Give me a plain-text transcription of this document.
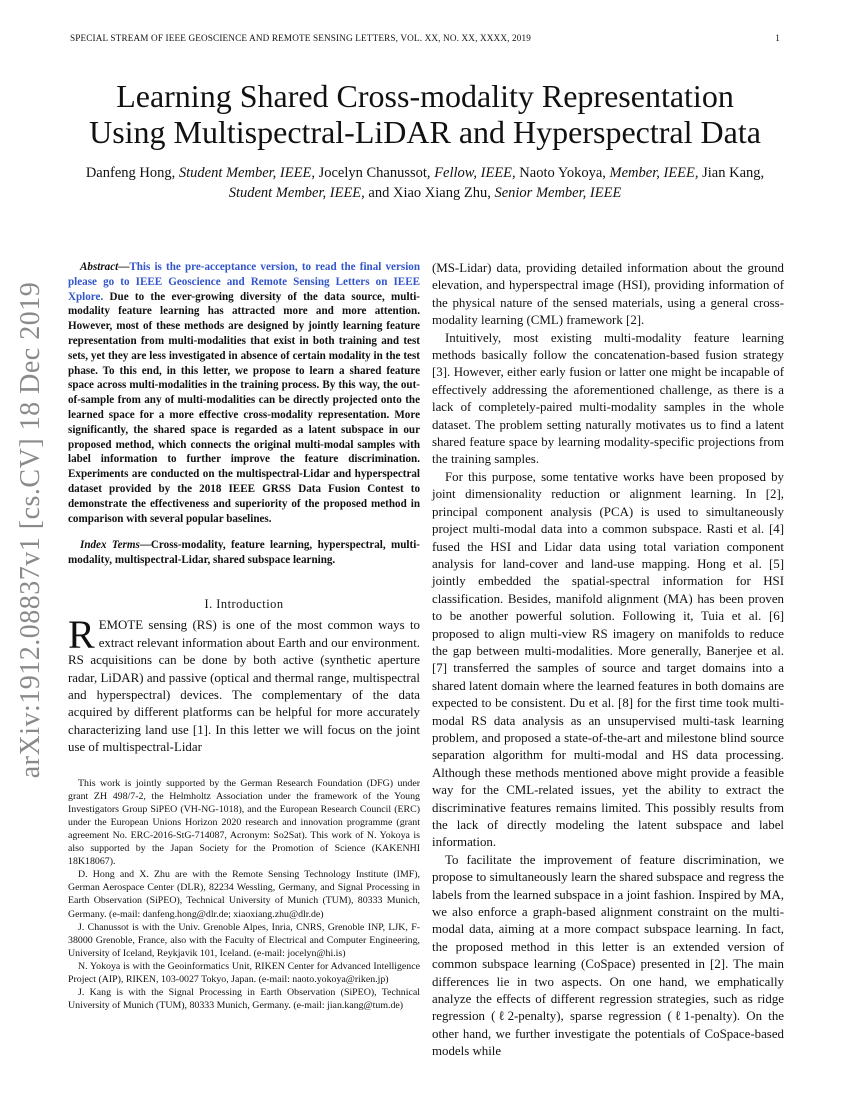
SPECIAL STREAM OF IEEE GEOSCIENCE AND REMOTE SENSING LETTERS, VOL. XX, NO. XX, XXXX, 2019	1
arXiv:1912.08837v1 [cs.CV] 18 Dec 2019
Learning Shared Cross-modality Representation
Using Multispectral-LiDAR and Hyperspectral Data
Danfeng Hong, Student Member, IEEE, Jocelyn Chanussot, Fellow, IEEE, Naoto Yokoya, Member, IEEE, Jian Kang, Student Member, IEEE, and Xiao Xiang Zhu, Senior Member, IEEE

Abstract—This is the pre-acceptance version, to read the final version please go to IEEE Geoscience and Remote Sensing Letters on IEEE Xplore. Due to the ever-growing diversity of the data source, multi-modality feature learning has attracted more and more attention. However, most of these methods are designed by jointly learning feature representation from multi-modalities that exist in both training and test sets, yet they are less investigated in absence of certain modality in the test phase. To this end, in this letter, we propose to learn a shared feature space across multi-modalities in the training process. By this way, the out-of-sample from any of multi-modalities can be directly projected onto the learned space for a more effective cross-modality representation. More significantly, the shared space is regarded as a latent subspace in our proposed method, which connects the original multi-modal samples with label information to further improve the feature discrimination. Experiments are conducted on the multispectral-Lidar and hyperspectral dataset provided by the 2018 IEEE GRSS Data Fusion Contest to demonstrate the effectiveness and superiority of the proposed method in comparison with several popular baselines.

Index Terms—Cross-modality, feature learning, hyperspectral, multi-modality, multispectral-Lidar, shared subspace learning.

I. Introduction

REMOTE sensing (RS) is one of the most common ways to extract relevant information about Earth and our environment. RS acquisitions can be done by both active (synthetic aperture radar, LiDAR) and passive (optical and thermal range, multispectral and hyperspectral) devices. The complementary of the data acquired by different platforms can be helpful for more accurately characterizing land use [1]. In this letter we will focus on the joint use of multispectral-Lidar

This work is jointly supported by the German Research Foundation (DFG) under grant ZH 498/7-2, the Helmholtz Association under the framework of the Young Investigators Group SiPEO (VH-NG-1018), and the European Research Council (ERC) under the European Unions Horizon 2020 research and innovation programme (grant agreement No. ERC-2016-StG-714087, Acronym: So2Sat). This work of N. Yokoya is also supported by the Japan Society for the Promotion of Science (KAKENHI 18K18067).

D. Hong and X. Zhu are with the Remote Sensing Technology Institute (IMF), German Aerospace Center (DLR), 82234 Wessling, Germany, and Signal Processing in Earth Observation (SiPEO), Technical University of Munich (TUM), 80333 Munich, Germany. (e-mail: danfeng.hong@dlr.de; xiaoxiang.zhu@dlr.de)

J. Chanussot is with the Univ. Grenoble Alpes, Inria, CNRS, Grenoble INP, LJK, F-38000 Grenoble, France, also with the Faculty of Electrical and Computer Engineering, University of Iceland, Reykjavik 101, Iceland. (e-mail: jocelyn@hi.is)

N. Yokoya is with the Geoinformatics Unit, RIKEN Center for Advanced Intelligence Project (AIP), RIKEN, 103-0027 Tokyo, Japan. (e-mail: naoto.yokoya@riken.jp)

J. Kang is with the Signal Processing in Earth Observation (SiPEO), Technical University of Munich (TUM), 80333 Munich, Germany. (e-mail: jian.kang@tum.de)

(MS-Lidar) data, providing detailed information about the ground elevation, and hyperspectral image (HSI), providing information of the physical nature of the sensed materials, using a general cross-modality learning (CML) framework [2].

Intuitively, most existing multi-modality feature learning methods basically follow the concatenation-based fusion strategy [3]. However, either early fusion or latter one might be incapable of effectively addressing the aforementioned challenge, as there is a lack of completely-paired multi-modality samples in the whole dataset. The problem setting naturally motivates us to find a latent shared feature space by learning modality-specific projections from the training samples.

For this purpose, some tentative works have been proposed by joint dimensionality reduction or alignment learning. In [2], principal component analysis (PCA) is used to simultaneously project multi-modal data into a common subspace. Rasti et al. [4] fused the HSI and Lidar data using total variation component analysis for land-cover and land-use mapping. Hong et al. [5] jointly embedded the spatial-spectral information for HSI classification. Besides, manifold alignment (MA) has been proven to be another powerful solution. Following it, Tuia et al. [6] proposed to align multi-view RS imagery on manifolds to reduce the gap between multi-modalities. More generally, Banerjee et al. [7] transferred the samples of source and target domains into a shared latent domain where the learned features in both domains are expected to be consistent. Du et al. [8] for the first time took multi-modal RS data analysis as an unsupervised multi-task learning problem, and proposed a state-of-the-art and milestone blind source separation algorithm for multi-modal and HS data processing. Although these methods mentioned above might provide a feasible way for the CML-related issues, yet the ability to extract the discriminative features remains limited. This possibly results from the lack of directly modeling the latent subspace and label information.

To facilitate the improvement of feature discrimination, we propose to simultaneously learn the shared subspace and regress the labels from the learned subspace in a joint fashion. Inspired by MA, we also enforce a graph-based alignment constraint on the multi-modal data, aiming at a more compact subspace learning. In fact, the proposed method in this letter is an extended version of common subspace learning (CoSpace) presented in [2]. The main differences lie in two aspects. On one hand, we emphatically analyze the effects of different regression strategies, such as ridge regression (ℓ2-penalty), sparse regression (ℓ1-penalty). On the other hand, we further investigate the potentials of CoSpace-based models while
